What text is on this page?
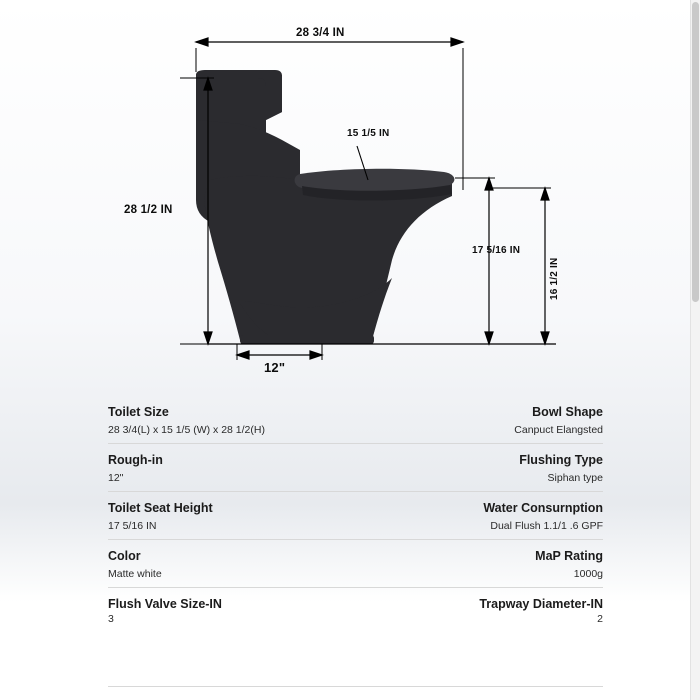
28 3/4 IN
28 1/2 IN
15 1/5 IN
17 5/16 IN
16 1/2 IN
12"
Toilet Size	Bowl Shape
28 3/4(L) x 15 1/5 (W) x 28 1/2(H)	Canpuct Elangsted
Rough-in	Flushing Type
12"	Siphan type
Toilet Seat Height	Water Consurnption
17 5/16 IN	Dual Flush 1.1/1 .6 GPF
Color	MaP Rating
Matte white	1000g
Flush Valve Size-IN	Trapway Diameter-IN
3	2
